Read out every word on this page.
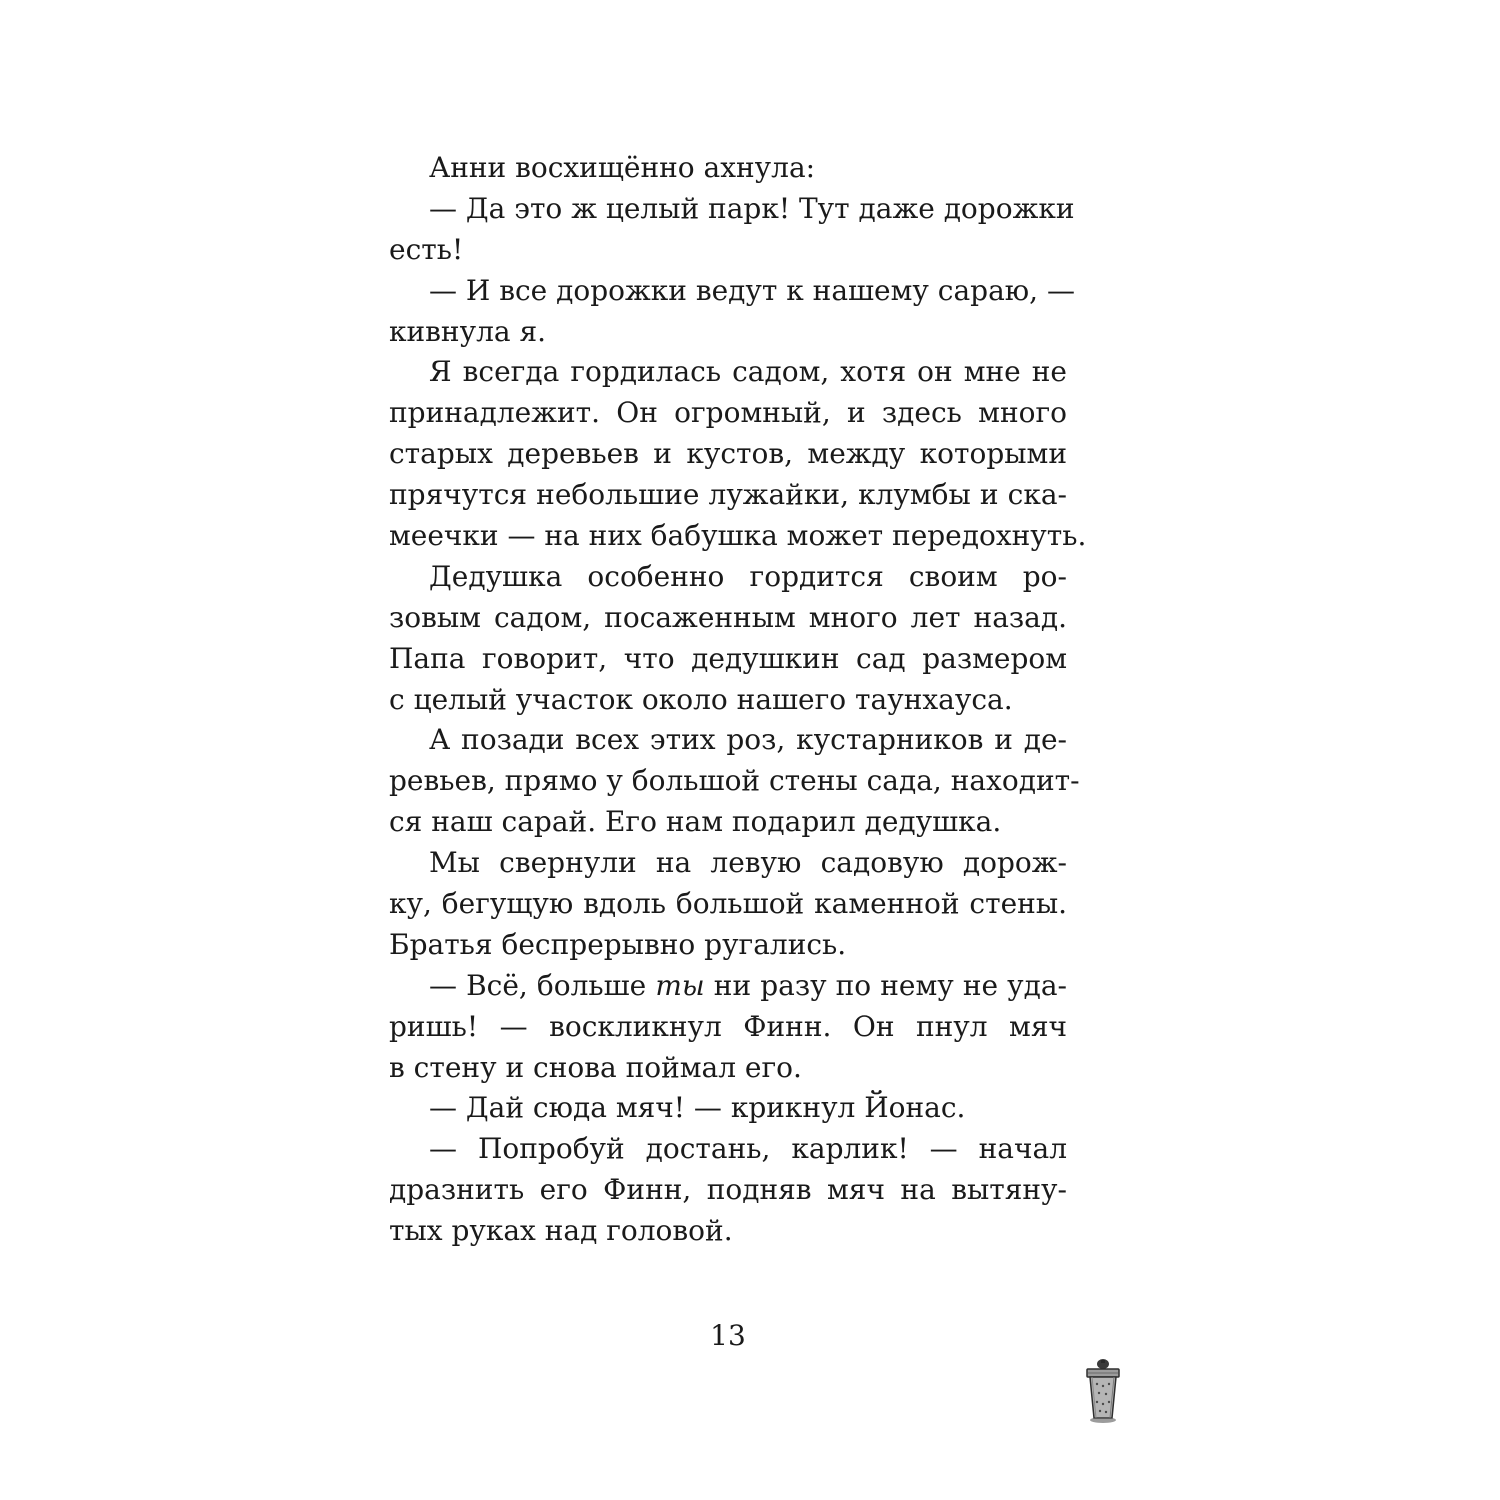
Анни восхищённо ахнула:
— Да это ж целый парк! Тут даже дорожки
есть!
— И все дорожки ведут к нашему сараю, —
кивнула я.
Я всегда гордилась садом, хотя он мне не
принадлежит. Он огромный, и здесь много
старых деревьев и кустов, между которыми
прячутся небольшие лужайки, клумбы и ска-
меечки — на них бабушка может передохнуть.
Дедушка особенно гордится своим ро-
зовым садом, посаженным много лет назад.
Папа говорит, что дедушкин сад размером
с целый участок около нашего таунхауса.
А позади всех этих роз, кустарников и де-
ревьев, прямо у большой стены сада, находит-
ся наш сарай. Его нам подарил дедушка.
Мы свернули на левую садовую дорож-
ку, бегущую вдоль большой каменной стены.
Братья беспрерывно ругались.
— Всё, больше ты ни разу по нему не уда-
ришь! — воскликнул Финн. Он пнул мяч
в стену и снова поймал его.
— Дай сюда мяч! — крикнул Йонас.
— Попробуй достань, карлик! — начал
дразнить его Финн, подняв мяч на вытяну-
тых руках над головой.
13
